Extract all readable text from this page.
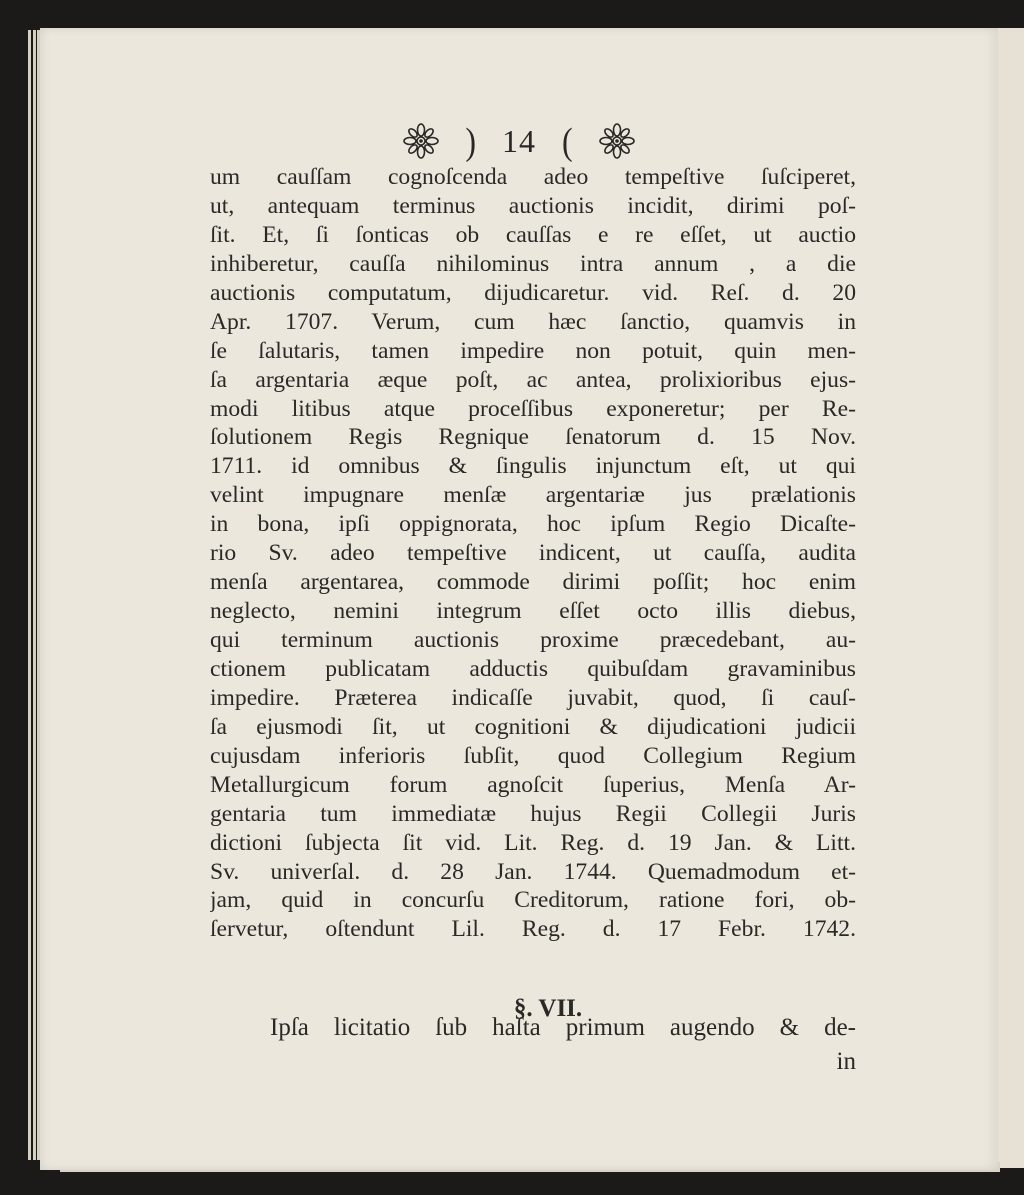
) 14 (
§. VII.
um cauſſam cognoſcenda adeo tempeſtive ſuſciperet,
ut, antequam terminus auctionis incidit, dirimi poſ-
ſit. Et, ſi ſonticas ob cauſſas e re eſſet, ut auctio
inhiberetur, cauſſa nihilominus intra annum , a die
auctionis computatum, dijudicaretur. vid. Reſ. d. 20
Apr. 1707. Verum, cum hæc ſanctio, quamvis in
ſe ſalutaris, tamen impedire non potuit, quin men-
ſa argentaria æque poſt, ac antea, prolixioribus ejus-
modi litibus atque proceſſibus exponeretur; per Re-
ſolutionem Regis Regnique ſenatorum d. 15 Nov.
1711. id omnibus & ſingulis injunctum eſt, ut qui
velint impugnare menſæ argentariæ jus prælationis
in bona, ipſi oppignorata, hoc ipſum Regio Dicaſte-
rio Sv. adeo tempeſtive indicent, ut cauſſa, audita
menſa argentarea, commode dirimi poſſit; hoc enim
neglecto, nemini integrum eſſet octo illis diebus,
qui terminum auctionis proxime præcedebant, au-
ctionem publicatam adductis quibuſdam gravaminibus
impedire. Præterea indicaſſe juvabit, quod, ſi cauſ-
ſa ejusmodi ſit, ut cognitioni & dijudicationi judicii
cujusdam inferioris ſubſit, quod Collegium Regium
Metallurgicum forum agnoſcit ſuperius, Menſa Ar-
gentaria tum immediatæ hujus Regii Collegii Juris
dictioni ſubjecta ſit vid. Lit. Reg. d. 19 Jan. & Litt.
Sv. univerſal. d. 28 Jan. 1744. Quemadmodum et-
jam, quid in concurſu Creditorum, ratione fori, ob-
ſervetur, oſtendunt Lil. Reg. d. 17 Febr. 1742.
Ipſa licitatio ſub haſta primum augendo & de-
in
